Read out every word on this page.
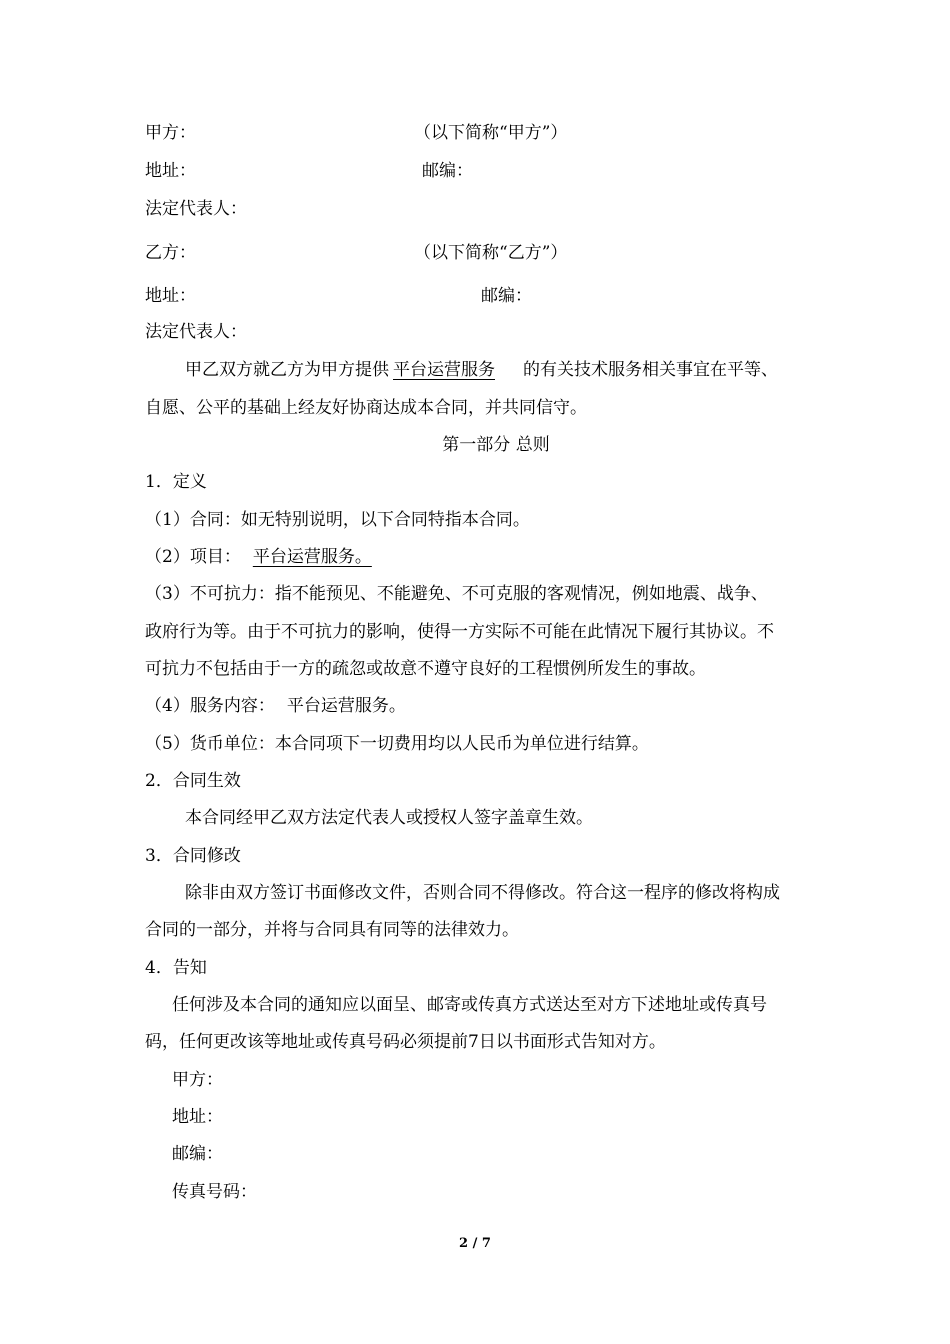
甲方：	（以下简称“甲方”）
地址：	邮编：
法定代表人：
乙方：	（以下简称“乙方”）
地址：	邮编：
法定代表人：
甲乙双方就乙方为甲方提供 平台运营服务 的有关技术服务相关事宜在平等、
自愿、公平的基础上经友好协商达成本合同，并共同信守。
第一部分 总则
1．定义
（1）合同：如无特别说明，以下合同特指本合同。
（2）项目： 平台运营服务。
（3）不可抗力：指不能预见、不能避免、不可克服的客观情况，例如地震、战争、
政府行为等。由于不可抗力的影响，使得一方实际不可能在此情况下履行其协议。不
可抗力不包括由于一方的疏忽或故意不遵守良好的工程惯例所发生的事故。
（4）服务内容： 平台运营服务。
（5）货币单位：本合同项下一切费用均以人民币为单位进行结算。
2．合同生效
本合同经甲乙双方法定代表人或授权人签字盖章生效。
3．合同修改
除非由双方签订书面修改文件，否则合同不得修改。符合这一程序的修改将构成
合同的一部分，并将与合同具有同等的法律效力。
4．告知
任何涉及本合同的通知应以面呈、邮寄或传真方式送达至对方下述地址或传真号
码，任何更改该等地址或传真号码必须提前7日以书面形式告知对方。
甲方：
地址：
邮编：
传真号码：
2 / 7
